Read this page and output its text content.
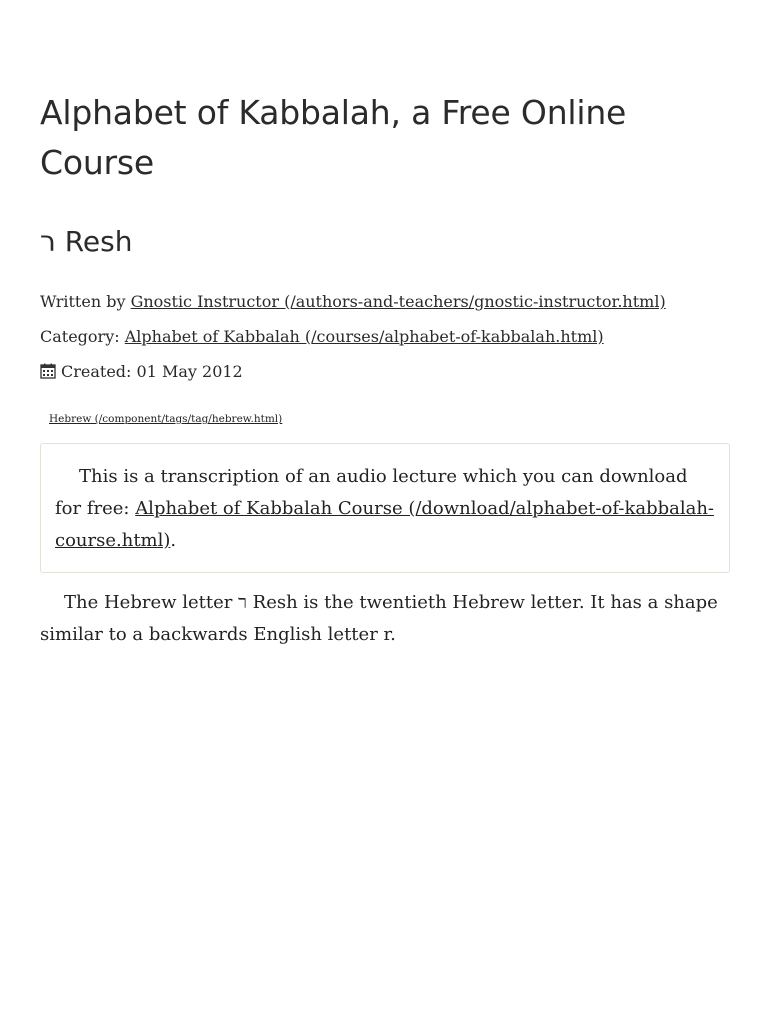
Alphabet of Kabbalah, a Free Online Course
ר Resh
Written by Gnostic Instructor (/authors-and-teachers/gnostic-instructor.html)
Category: Alphabet of Kabbalah (/courses/alphabet-of-kabbalah.html)
Created: 01 May 2012
Hebrew (/component/tags/tag/hebrew.html)

This is a transcription of an audio lecture which you can download for free: Alphabet of Kabbalah Course (/download/alphabet-of-kabbalah-course.html).

The Hebrew letter ר Resh is the twentieth Hebrew letter. It has a shape similar to a backwards English letter r.
